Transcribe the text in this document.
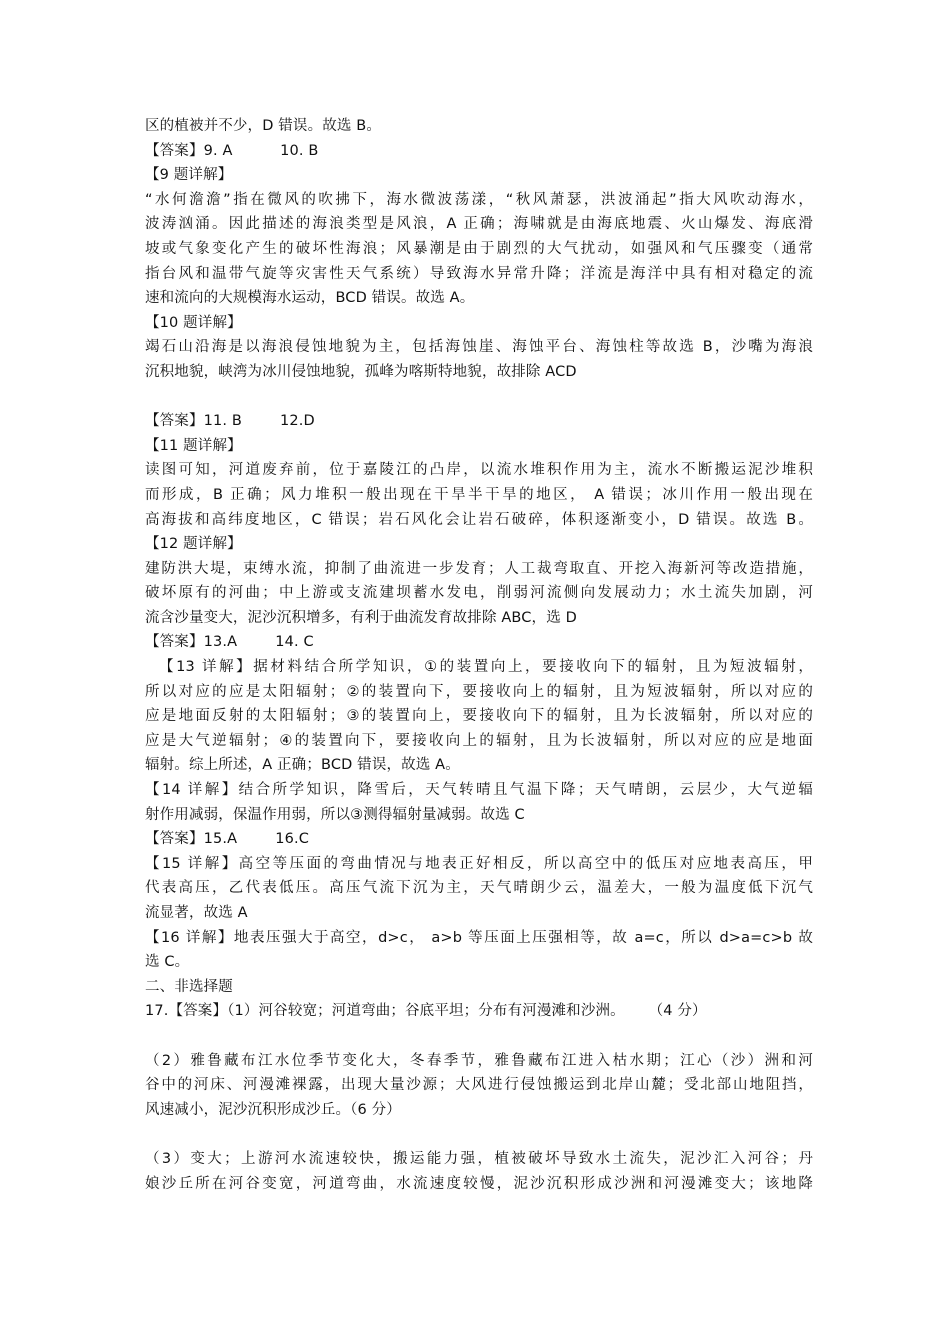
区的植被并不少，D 错误。故选 B。
【答案】9. A          10. B
【9 题详解】
“水何澹澹”指在微风的吹拂下，海水微波荡漾，“秋风萧瑟，洪波涌起”指大风吹动海水，
波涛汹涌。因此描述的海浪类型是风浪，A 正确；海啸就是由海底地震、火山爆发、海底滑
坡或气象变化产生的破坏性海浪；风暴潮是由于剧烈的大气扰动，如强风和气压骤变（通常
指台风和温带气旋等灾害性天气系统）导致海水异常升降；洋流是海洋中具有相对稳定的流
速和流向的大规模海水运动，BCD 错误。故选 A。
【10 题详解】
竭石山沿海是以海浪侵蚀地貌为主，包括海蚀崖、海蚀平台、海蚀柱等故选 B，沙嘴为海浪
沉积地貌，峡湾为冰川侵蚀地貌，孤峰为喀斯特地貌，故排除 ACD
【答案】11. B        12.D
【11 题详解】
读图可知，河道废弃前，位于嘉陵江的凸岸，以流水堆积作用为主，流水不断搬运泥沙堆积
而形成，B 正确；风力堆积一般出现在干旱半干旱的地区， A 错误；冰川作用一般出现在
高海拔和高纬度地区，C 错误；岩石风化会让岩石破碎，体积逐渐变小，D 错误。故选 B。
【12 题详解】
建防洪大堤，束缚水流，抑制了曲流进一步发育；人工裁弯取直、开挖入海新河等改造措施，
破坏原有的河曲；中上游或支流建坝蓄水发电，削弱河流侧向发展动力；水土流失加剧，河
流含沙量变大，泥沙沉积增多，有利于曲流发育故排除 ABC，选 D
【答案】13.A        14. C
【13 详解】据材料结合所学知识，①的装置向上，要接收向下的辐射，且为短波辐射，
所以对应的应是太阳辐射；②的装置向下，要接收向上的辐射，且为短波辐射，所以对应的
应是地面反射的太阳辐射；③的装置向上，要接收向下的辐射，且为长波辐射，所以对应的
应是大气逆辐射；④的装置向下，要接收向上的辐射，且为长波辐射，所以对应的应是地面
辐射。综上所述，A 正确；BCD 错误，故选 A。
【14 详解】结合所学知识，降雪后，天气转晴且气温下降；天气晴朗，云层少，大气逆辐
射作用减弱，保温作用弱，所以③测得辐射量减弱。故选 C
【答案】15.A        16.C
【15 详解】高空等压面的弯曲情况与地表正好相反，所以高空中的低压对应地表高压，甲
代表高压，乙代表低压。高压气流下沉为主，天气晴朗少云，温差大，一般为温度低下沉气
流显著，故选 A
【16 详解】地表压强大于高空，d>c， a>b 等压面上压强相等，故 a=c，所以 d>a=c>b 故
选 C。
二、非选择题
17.【答案】（1）河谷较宽；河道弯曲；谷底平坦；分布有河漫滩和沙洲。     （4 分）
（2）雅鲁藏布江水位季节变化大，冬春季节，雅鲁藏布江进入枯水期；江心（沙）洲和河
谷中的河床、河漫滩裸露，出现大量沙源；大风进行侵蚀搬运到北岸山麓；受北部山地阻挡，
风速减小，泥沙沉积形成沙丘。（6 分）
（3）变大；上游河水流速较快，搬运能力强，植被破坏导致水土流失，泥沙汇入河谷；丹
娘沙丘所在河谷变宽，河道弯曲，水流速度较慢，泥沙沉积形成沙洲和河漫滩变大；该地降
